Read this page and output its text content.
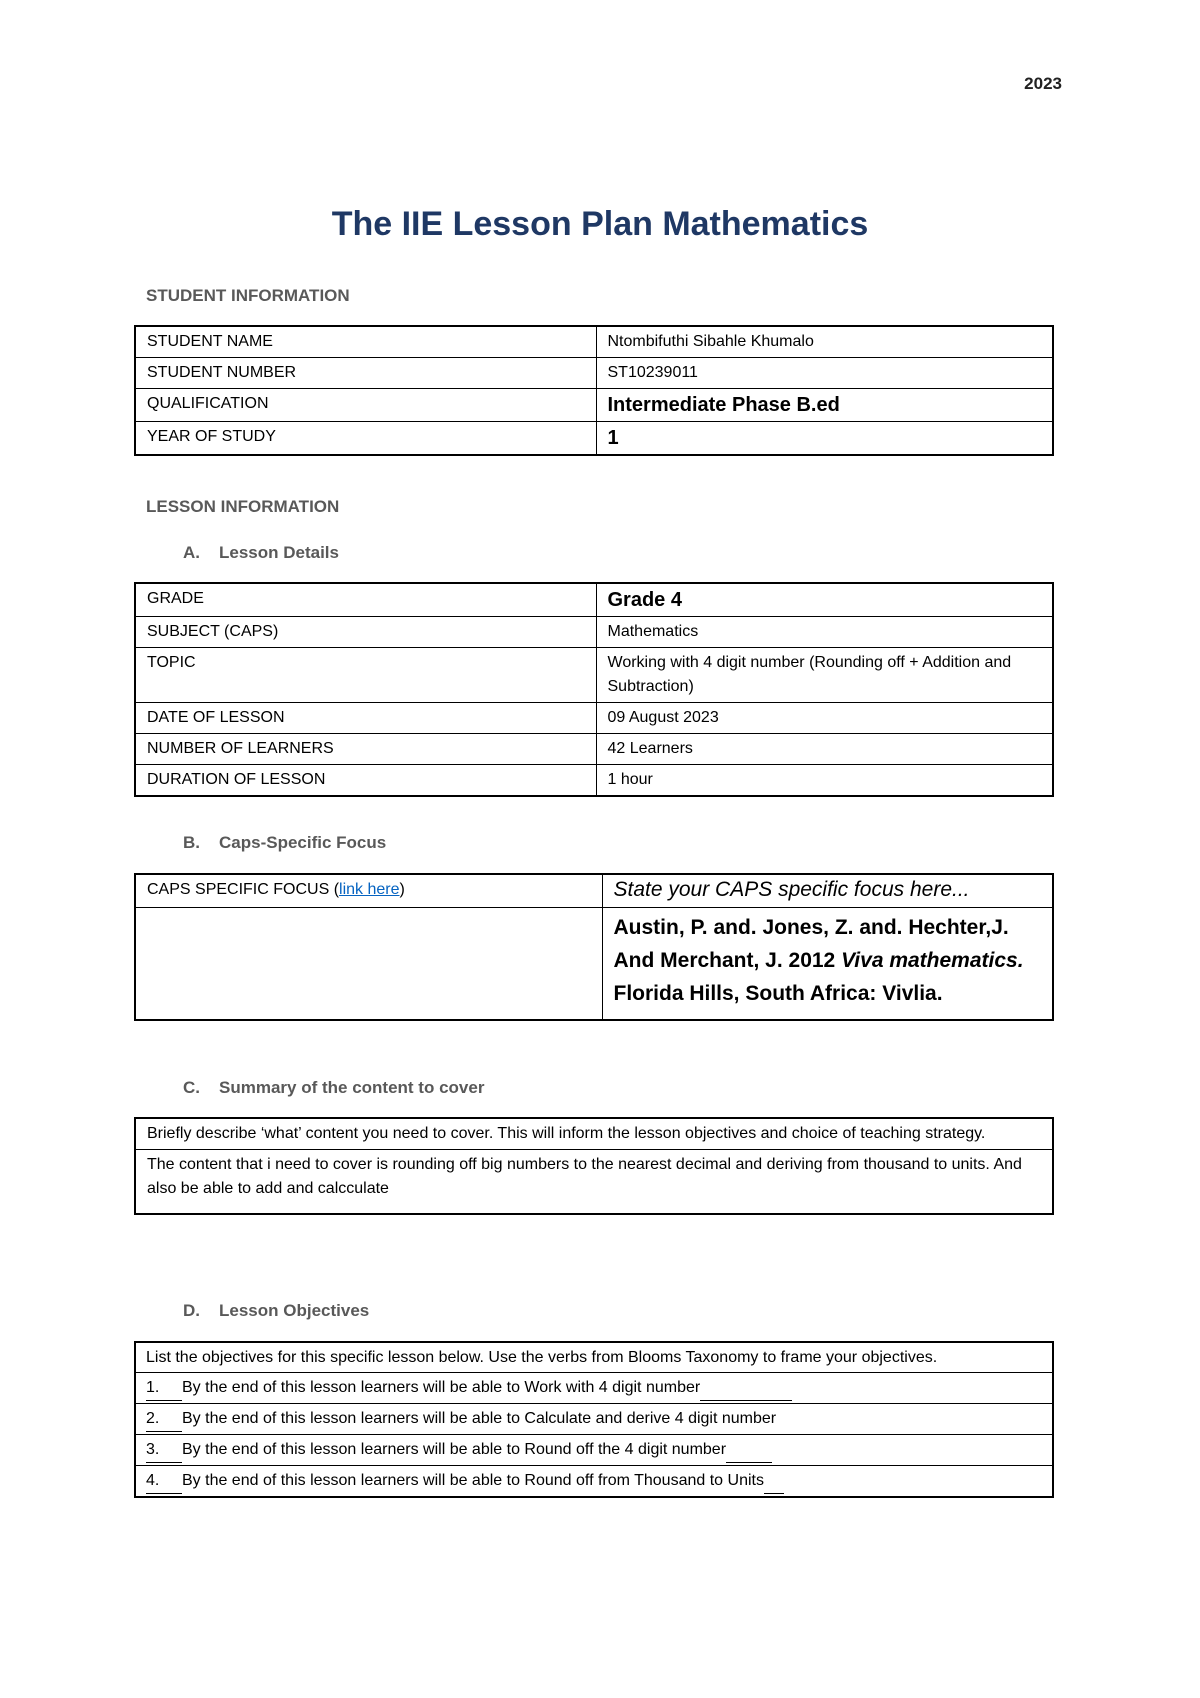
2023
The IIE Lesson Plan Mathematics
STUDENT INFORMATION
STUDENT NAME	Ntombifuthi Sibahle Khumalo
STUDENT NUMBER	ST10239011
QUALIFICATION	Intermediate Phase B.ed
YEAR OF STUDY	1
LESSON INFORMATION
A. Lesson Details
GRADE	Grade 4
SUBJECT (CAPS)	Mathematics
TOPIC	Working with 4 digit number (Rounding off + Addition and Subtraction)
DATE OF LESSON	09 August 2023
NUMBER OF LEARNERS	42 Learners
DURATION OF LESSON	1 hour
B. Caps-Specific Focus
CAPS SPECIFIC FOCUS (link here)	State your CAPS specific focus here...

	Austin, P. and. Jones, Z. and. Hechter,J. And Merchant, J. 2012 Viva mathematics.
Florida Hills, South Africa: Vivlia.
C. Summary of the content to cover
Briefly describe ‘what’ content you need to cover. This will inform the lesson objectives and choice of teaching strategy.
The content that i need to cover is rounding off big numbers to the nearest decimal and deriving from thousand to units. And also be able to add and calcculate
D. Lesson Objectives
List the objectives for this specific lesson below. Use the verbs from Blooms Taxonomy to frame your objectives.
1. By the end of this lesson learners will be able to Work with 4 digit number
2. By the end of this lesson learners will be able to Calculate and derive 4 digit number
3. By the end of this lesson learners will be able to Round off the 4 digit number
4. By the end of this lesson learners will be able to Round off from Thousand to Units
